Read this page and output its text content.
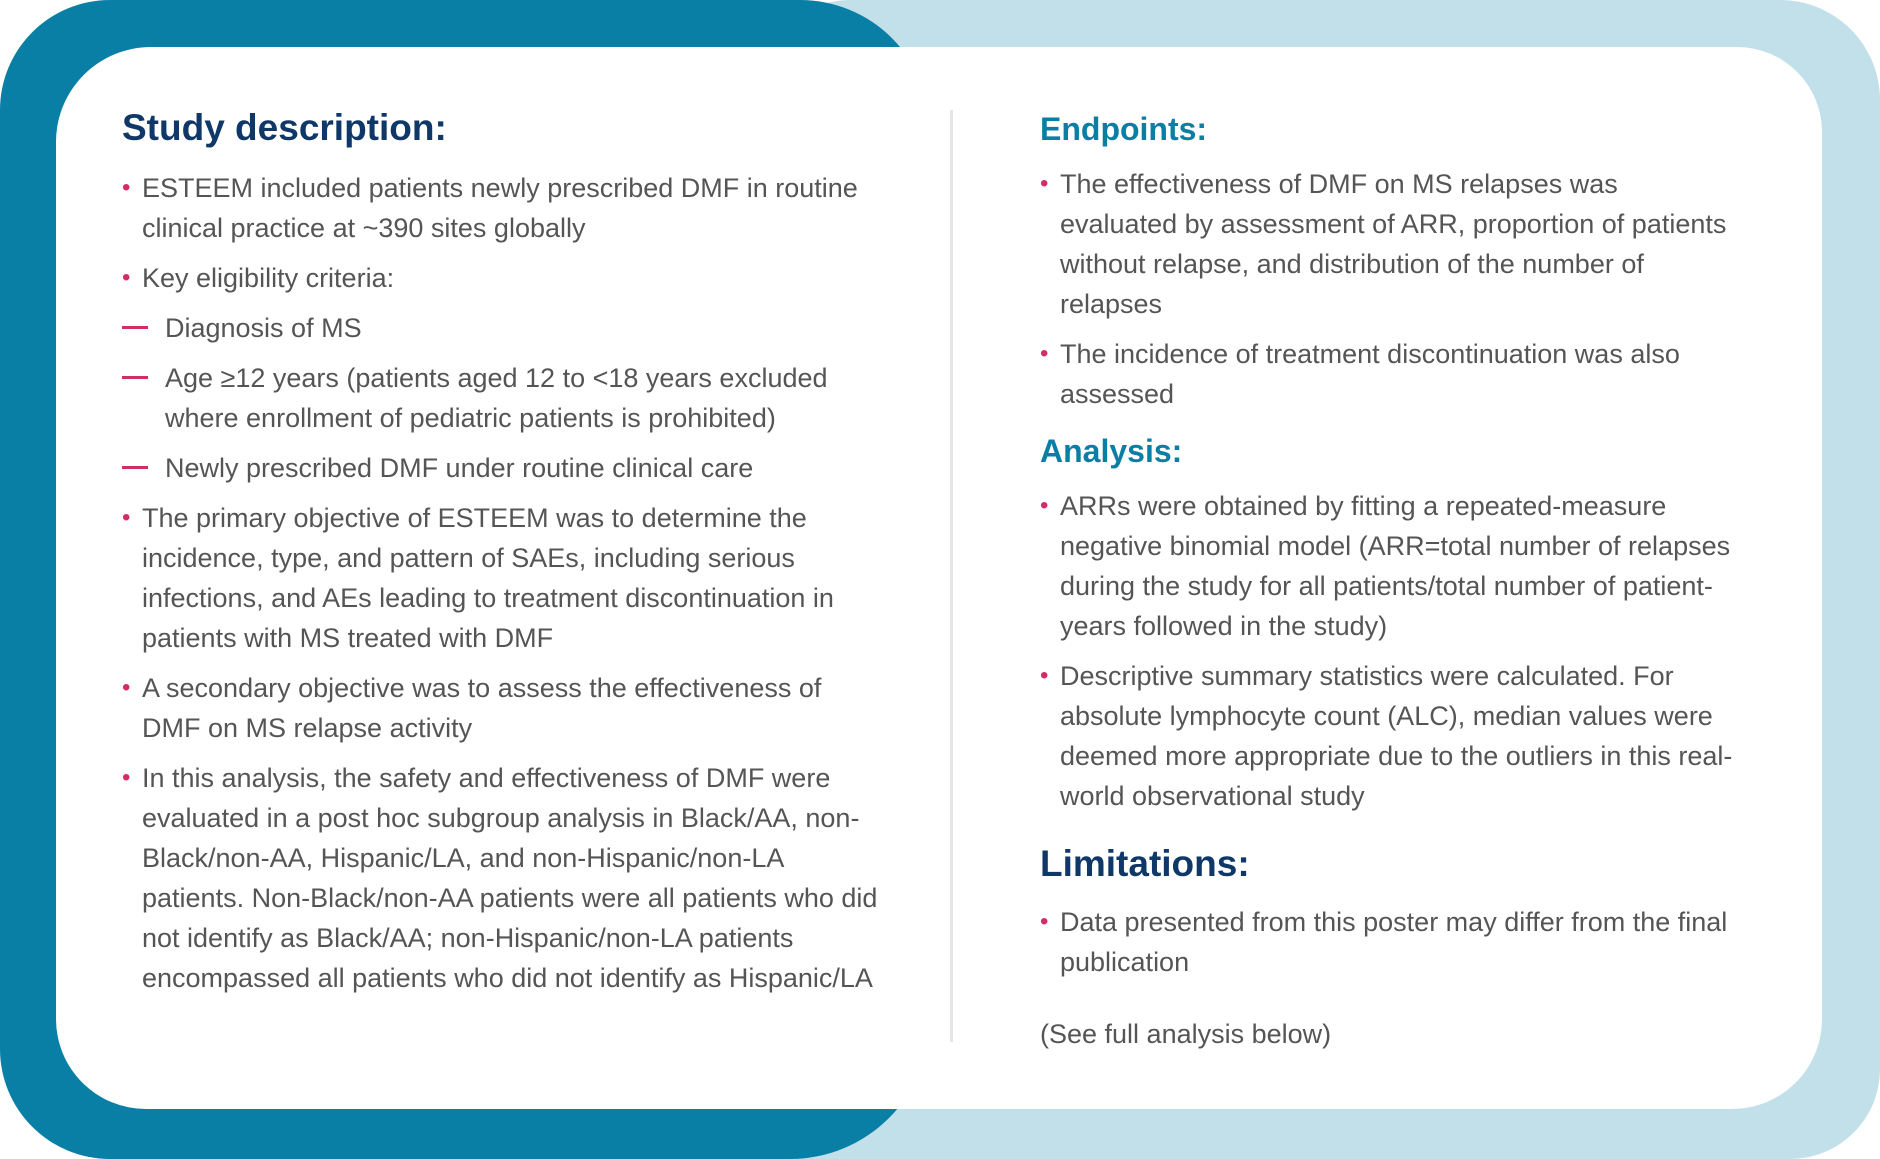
Study description:
• ESTEEM included patients newly prescribed DMF in routine clinical practice at ~390 sites globally
• Key eligibility criteria:
Diagnosis of MS
Age ≥12 years (patients aged 12 to <18 years excluded where enrollment of pediatric patients is prohibited)
Newly prescribed DMF under routine clinical care
• The primary objective of ESTEEM was to determine the incidence, type, and pattern of SAEs, including serious infections, and AEs leading to treatment discontinuation in patients with MS treated with DMF
• A secondary objective was to assess the effectiveness of DMF on MS relapse activity
• In this analysis, the safety and effectiveness of DMF were evaluated in a post hoc subgroup analysis in Black/AA, non-Black/non-AA, Hispanic/LA, and non-Hispanic/non-LA patients. Non-Black/non-AA patients were all patients who did not identify as Black/AA; non-Hispanic/non-LA patients encompassed all patients who did not identify as Hispanic/LA
Endpoints:
• The effectiveness of DMF on MS relapses was evaluated by assessment of ARR, proportion of patients without relapse, and distribution of the number of relapses
• The incidence of treatment discontinuation was also assessed
Analysis:
• ARRs were obtained by fitting a repeated-measure negative binomial model (ARR=total number of relapses during the study for all patients/total number of patient-years followed in the study)
• Descriptive summary statistics were calculated. For absolute lymphocyte count (ALC), median values were deemed more appropriate due to the outliers in this real-world observational study
Limitations:
• Data presented from this poster may differ from the final publication
(See full analysis below)
